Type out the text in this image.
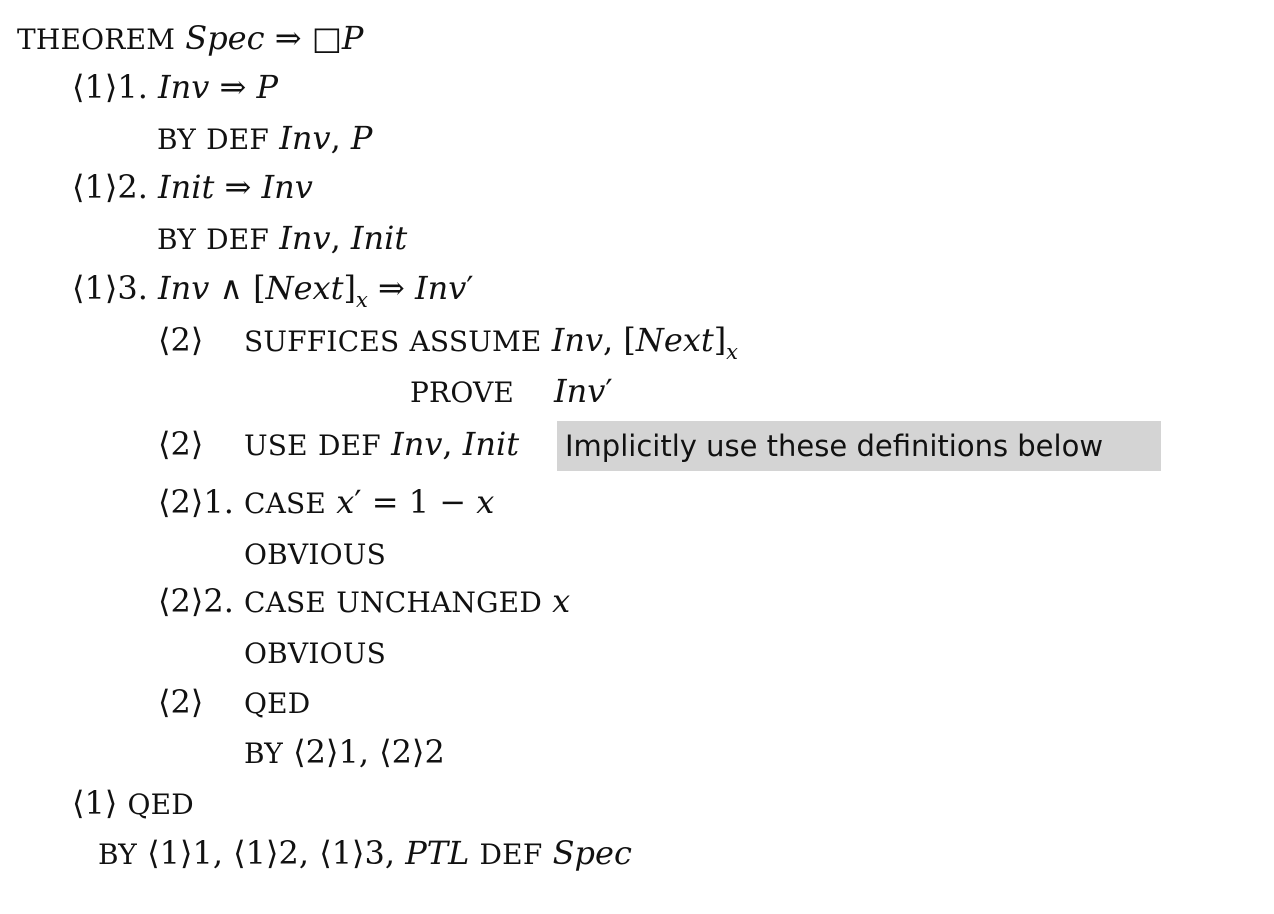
THEOREM Spec ⇒ □P
⟨1⟩1. Inv ⇒ P
BY DEF Inv, P
⟨1⟩2. Init ⇒ Inv
BY DEF Inv, Init
⟨1⟩3. Inv ∧ $[Next]_x$ ⇒ Inv′
⟨2⟩ SUFFICES ASSUME Inv, $[Next]_x$
PROVE Inv′
⟨2⟩ USE DEF Inv, Init Implicitly use these definitions below
⟨2⟩1. CASE x′ = 1 − x
OBVIOUS
⟨2⟩2. CASE UNCHANGED x
OBVIOUS
⟨2⟩ QED
BY ⟨2⟩1, ⟨2⟩2
⟨1⟩ QED
BY ⟨1⟩1, ⟨1⟩2, ⟨1⟩3, PTL DEF Spec
